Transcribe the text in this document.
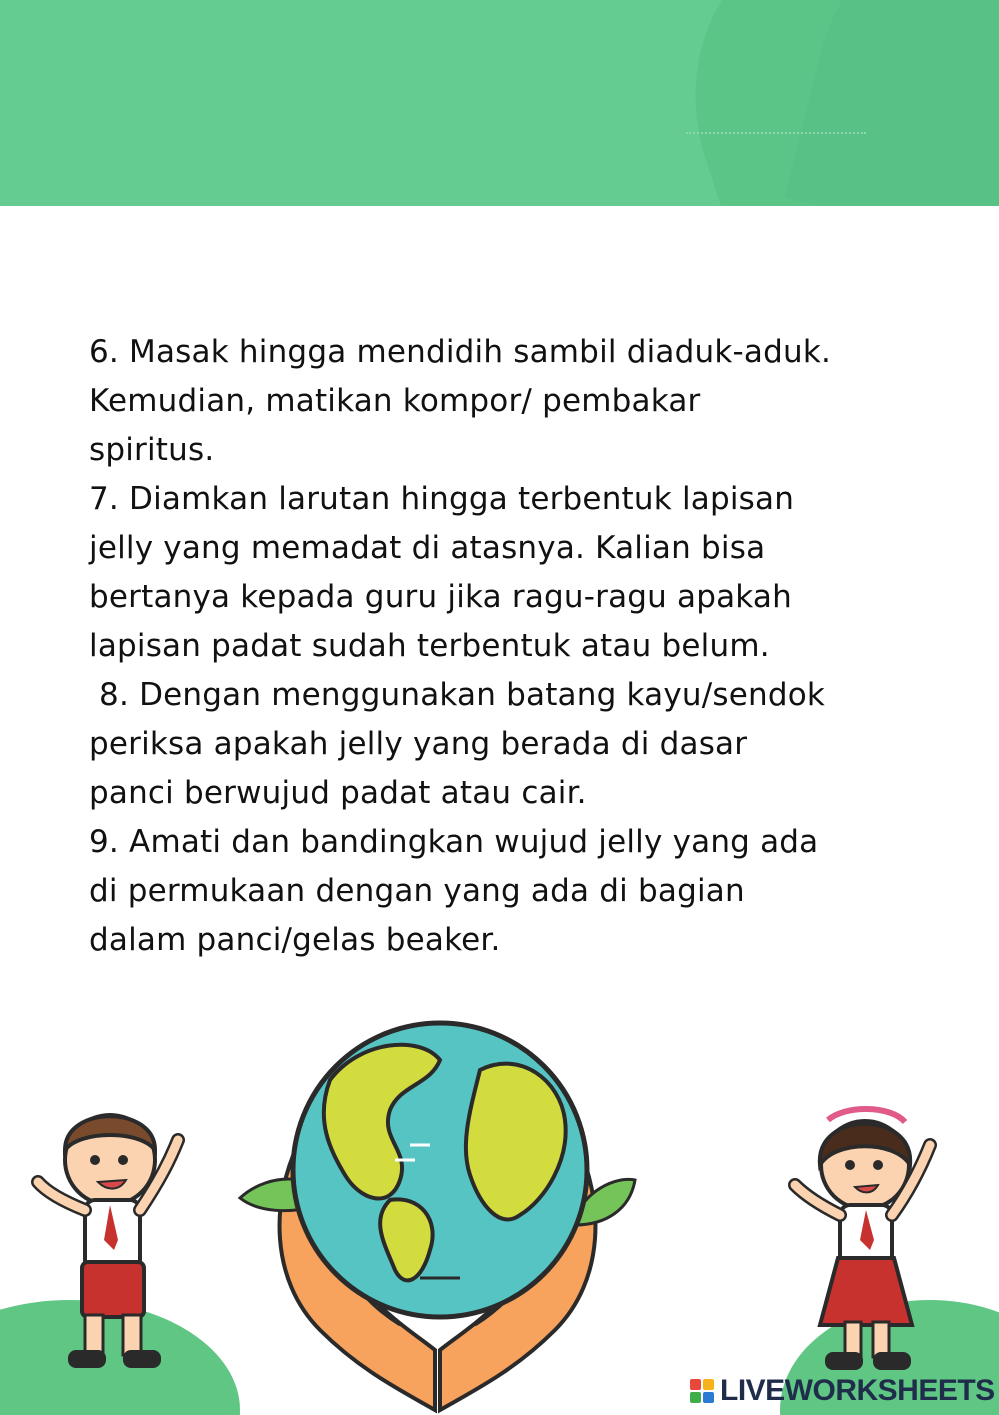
6. Masak hingga mendidih sambil diaduk-aduk.
Kemudian, matikan kompor/ pembakar
spiritus.
7. Diamkan larutan hingga terbentuk lapisan
jelly yang memadat di atasnya. Kalian bisa
bertanya kepada guru jika ragu-ragu apakah
lapisan padat sudah terbentuk atau belum.
8. Dengan menggunakan batang kayu/sendok
periksa apakah jelly yang berada di dasar
panci berwujud padat atau cair.
9. Amati dan bandingkan wujud jelly yang ada
di permukaan dengan yang ada di bagian
dalam panci/gelas beaker.
LIVEWORKSHEETS
